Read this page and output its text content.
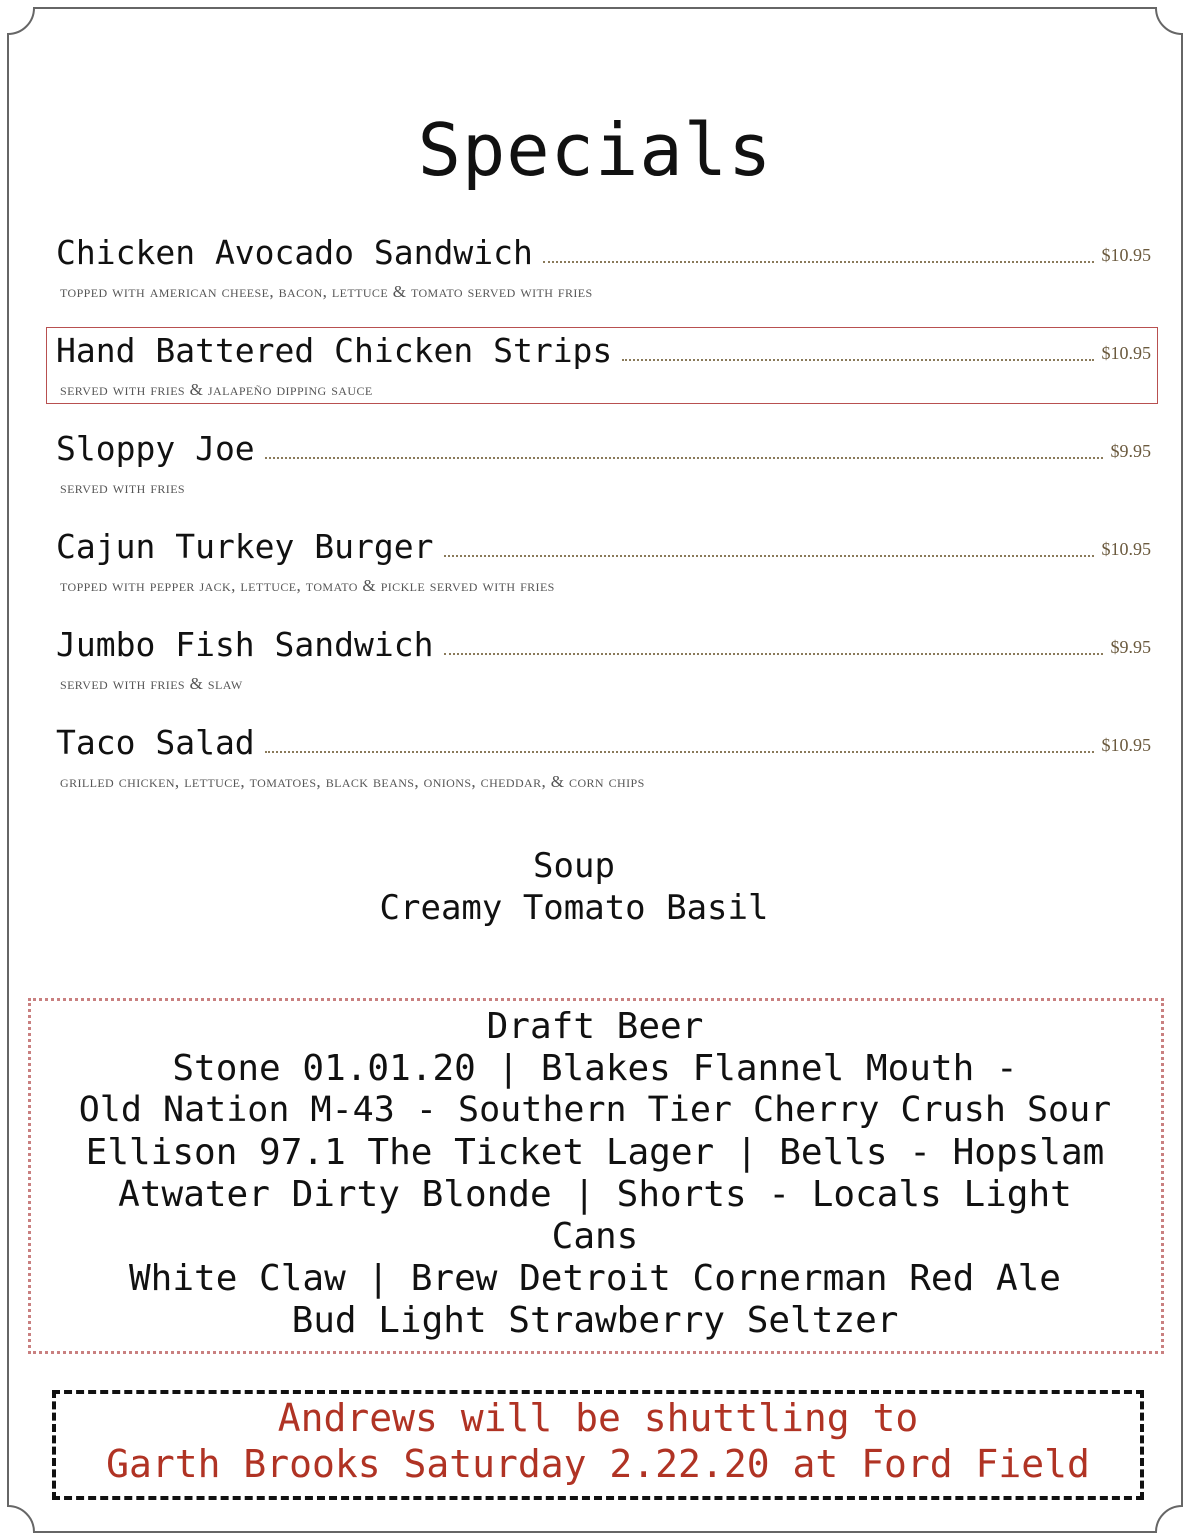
Specials
Chicken Avocado Sandwich	$10.95
topped with american cheese, bacon, lettuce & tomato served with fries
Hand Battered Chicken Strips	$10.95
served with fries & jalapeño dipping sauce
Sloppy Joe	$9.95
served with fries
Cajun Turkey Burger	$10.95
topped with pepper jack, lettuce, tomato & pickle served with fries
Jumbo Fish Sandwich	$9.95
served with fries & slaw
Taco Salad	$10.95
grilled chicken, lettuce, tomatoes, black beans, onions, cheddar, & corn chips
Soup
Creamy Tomato Basil
Draft Beer
Stone 01.01.20 | Blakes Flannel Mouth -
Old Nation M-43 - Southern Tier Cherry Crush Sour
Ellison 97.1 The Ticket Lager | Bells - Hopslam
Atwater Dirty Blonde | Shorts - Locals Light
Cans
White Claw | Brew Detroit Cornerman Red Ale
Bud Light Strawberry Seltzer
Andrews will be shuttling to
Garth Brooks Saturday 2.22.20 at Ford Field
